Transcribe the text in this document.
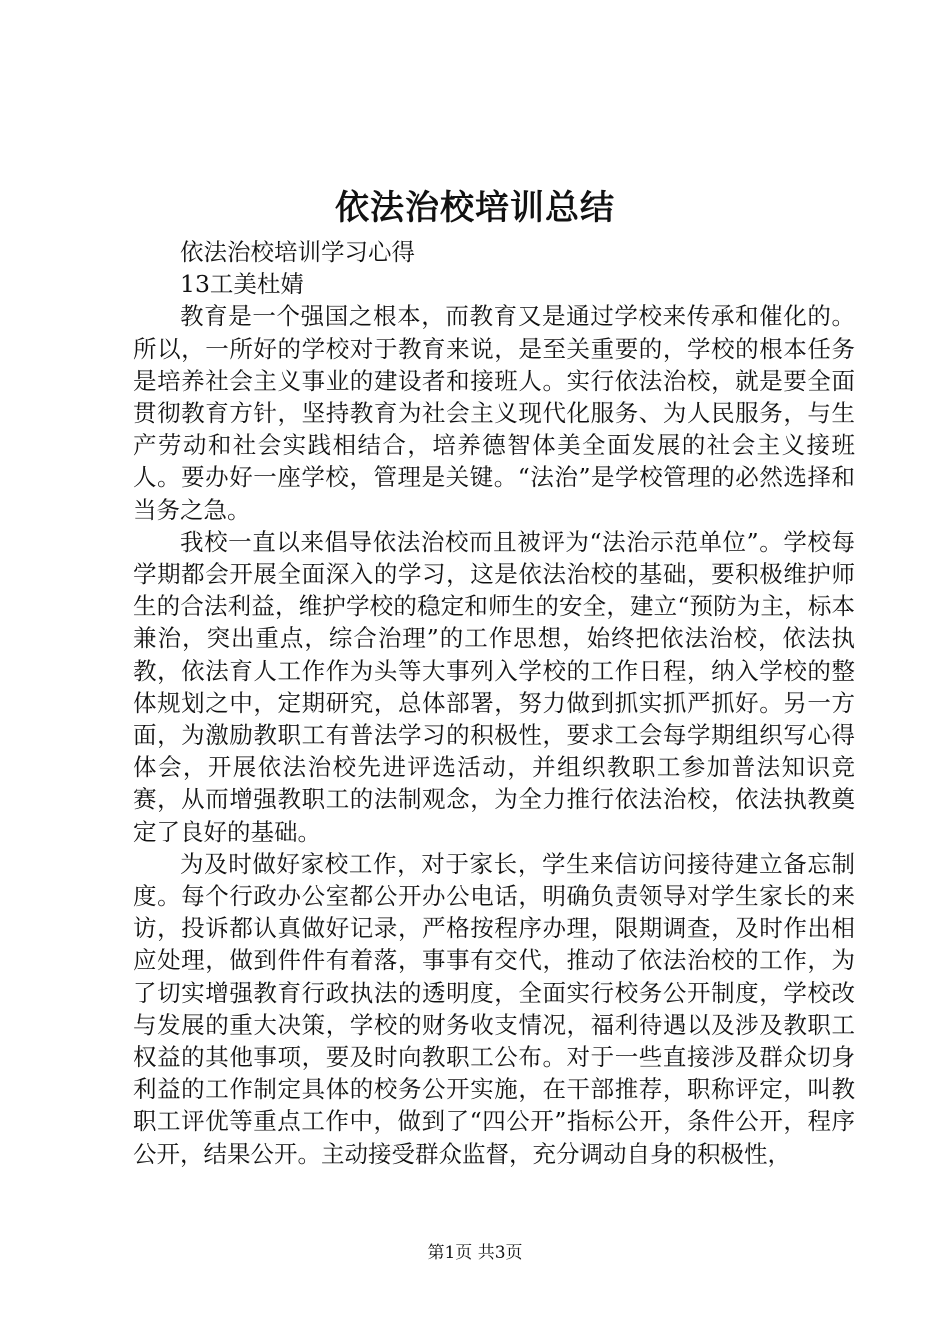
依法治校培训总结

依法治校培训学习心得

13工美杜婧

教育是一个强国之根本，而教育又是通过学校来传承和催化的。所以，一所好的学校对于教育来说，是至关重要的，学校的根本任务是培养社会主义事业的建设者和接班人。实行依法治校，就是要全面贯彻教育方针，坚持教育为社会主义现代化服务、为人民服务，与生产劳动和社会实践相结合，培养德智体美全面发展的社会主义接班人。要办好一座学校，管理是关键。“法治”是学校管理的必然选择和当务之急。

我校一直以来倡导依法治校而且被评为“法治示范单位”。学校每学期都会开展全面深入的学习，这是依法治校的基础，要积极维护师生的合法利益，维护学校的稳定和师生的安全，建立“预防为主，标本兼治，突出重点，综合治理”的工作思想，始终把依法治校，依法执教，依法育人工作作为头等大事列入学校的工作日程，纳入学校的整体规划之中，定期研究，总体部署，努力做到抓实抓严抓好。另一方面，为激励教职工有普法学习的积极性，要求工会每学期组织写心得体会，开展依法治校先进评选活动，并组织教职工参加普法知识竞赛，从而增强教职工的法制观念，为全力推行依法治校，依法执教奠定了良好的基础。

为及时做好家校工作，对于家长，学生来信访问接待建立备忘制度。每个行政办公室都公开办公电话，明确负责领导对学生家长的来访，投诉都认真做好记录，严格按程序办理，限期调查，及时作出相应处理，做到件件有着落，事事有交代，推动了依法治校的工作，为了切实增强教育行政执法的透明度，全面实行校务公开制度，学校改与发展的重大决策，学校的财务收支情况，福利待遇以及涉及教职工权益的其他事项，要及时向教职工公布。对于一些直接涉及群众切身利益的工作制定具体的校务公开实施，在干部推荐，职称评定，叫教职工评优等重点工作中，做到了“四公开”指标公开，条件公开，程序公开，结果公开。主动接受群众监督，充分调动自身的积极性，

第1页 共3页
